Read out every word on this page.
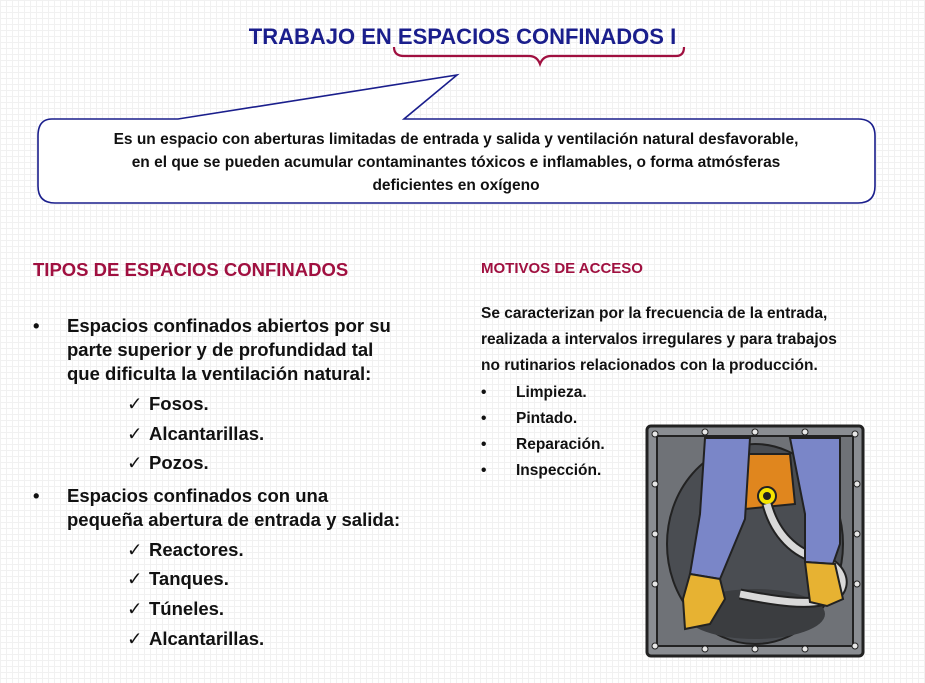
TRABAJO EN ESPACIOS CONFINADOS I
Es un espacio con aberturas limitadas de entrada y salida y ventilación natural desfavorable,
en el que se pueden acumular contaminantes tóxicos e inflamables, o forma atmósferas
deficientes en oxígeno
TIPOS DE ESPACIOS CONFINADOS
• Espacios confinados abiertos por su
parte superior y de profundidad tal
que dificulta la ventilación natural:
✓ Fosos.
✓ Alcantarillas.
✓ Pozos.
• Espacios confinados con una
pequeña abertura de entrada y salida:
✓ Reactores.
✓ Tanques.
✓ Túneles.
✓ Alcantarillas.
MOTIVOS DE ACCESO
Se caracterizan por la frecuencia de la entrada,
realizada a intervalos irregulares y para trabajos
no rutinarios relacionados con la producción.
• Limpieza.
• Pintado.
• Reparación.
• Inspección.
